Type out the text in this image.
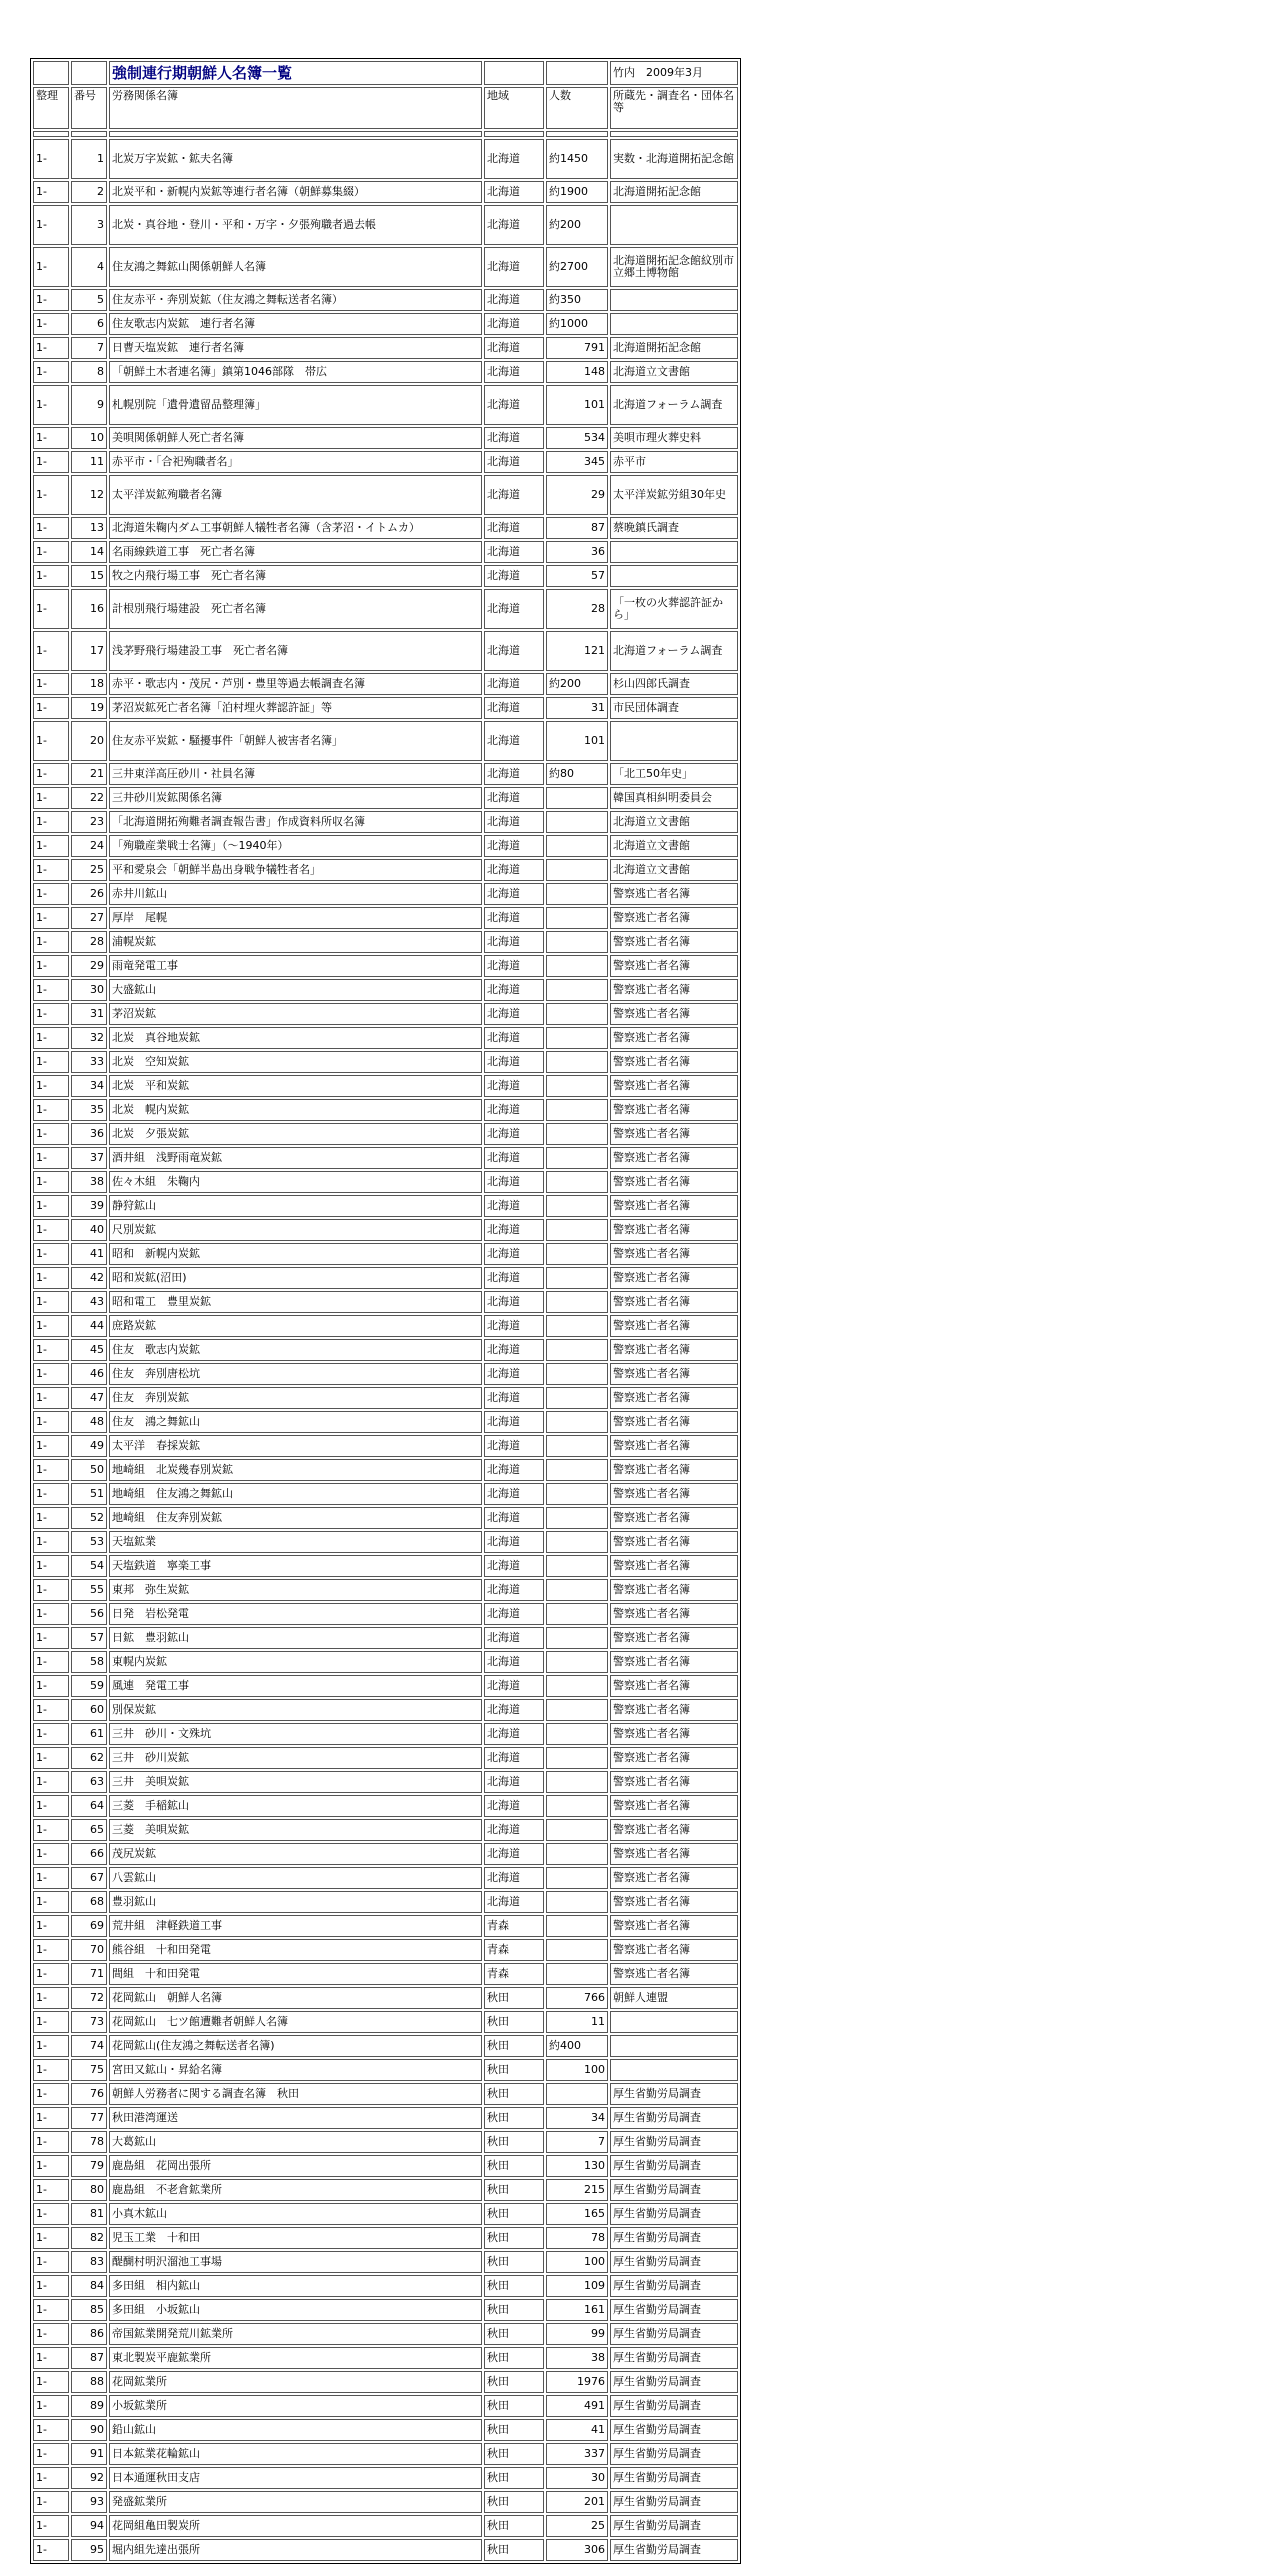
		強制連行期朝鮮人名簿一覧			竹内　2009年3月
整理	番号	労務関係名簿	地域	人数	所蔵先・調査名・団体名等

1-	1	北炭万字炭鉱・鉱夫名簿	北海道	約1450	実数・北海道開拓記念館
1-	2	北炭平和・新幌内炭鉱等連行者名簿（朝鮮募集綴）	北海道	約1900	北海道開拓記念館
1-	3	北炭・真谷地・登川・平和・万字・夕張殉職者過去帳	北海道	約200	
1-	4	住友鴻之舞鉱山関係朝鮮人名簿	北海道	約2700	北海道開拓記念館紋別市立郷土博物館
1-	5	住友赤平・奔別炭鉱（住友鴻之舞転送者名簿）	北海道	約350	
1-	6	住友歌志内炭鉱　連行者名簿	北海道	約1000	
1-	7	日曹天塩炭鉱　連行者名簿	北海道	791	北海道開拓記念館
1-	8	「朝鮮土木者連名簿」鎮第1046部隊　帯広	北海道	148	北海道立文書館
1-	9	札幌別院「遺骨遺留品整理簿」	北海道	101	北海道フォーラム調査
1-	10	美唄関係朝鮮人死亡者名簿	北海道	534	美唄市理火葬史料
1-	11	赤平市・「合祀殉職者名」	北海道	345	赤平市
1-	12	太平洋炭鉱殉職者名簿	北海道	29	太平洋炭鉱労組30年史
1-	13	北海道朱鞠内ダム工事朝鮮人犠牲者名簿（含茅沼・イトムカ）	北海道	87	蔡晩鎮氏調査
1-	14	名雨線鉄道工事　死亡者名簿	北海道	36	
1-	15	牧之内飛行場工事　死亡者名簿	北海道	57	
1-	16	計根別飛行場建設　死亡者名簿	北海道	28	「一枚の火葬認許証から」
1-	17	浅茅野飛行場建設工事　死亡者名簿	北海道	121	北海道フォーラム調査
1-	18	赤平・歌志内・茂尻・芦別・豊里等過去帳調査名簿	北海道	約200	杉山四郎氏調査
1-	19	茅沼炭鉱死亡者名簿「泊村埋火葬認許証」等	北海道	31	市民団体調査
1-	20	住友赤平炭鉱・騒擾事件「朝鮮人被害者名簿」	北海道	101	
1-	21	三井東洋高圧砂川・社員名簿	北海道	約80	「北工50年史」
1-	22	三井砂川炭鉱関係名簿	北海道		韓国真相糾明委員会
1-	23	「北海道開拓殉難者調査報告書」作成資料所収名簿	北海道		北海道立文書館
1-	24	「殉職産業戦士名簿」（～1940年）	北海道		北海道立文書館
1-	25	平和愛泉会「朝鮮半島出身戦争犠牲者名」	北海道		北海道立文書館
1-	26	赤井川鉱山	北海道		警察逃亡者名簿
1-	27	厚岸　尾幌	北海道		警察逃亡者名簿
1-	28	浦幌炭鉱	北海道		警察逃亡者名簿
1-	29	雨竜発電工事	北海道		警察逃亡者名簿
1-	30	大盛鉱山	北海道		警察逃亡者名簿
1-	31	茅沼炭鉱	北海道		警察逃亡者名簿
1-	32	北炭　真谷地炭鉱	北海道		警察逃亡者名簿
1-	33	北炭　空知炭鉱	北海道		警察逃亡者名簿
1-	34	北炭　平和炭鉱	北海道		警察逃亡者名簿
1-	35	北炭　幌内炭鉱	北海道		警察逃亡者名簿
1-	36	北炭　夕張炭鉱	北海道		警察逃亡者名簿
1-	37	酒井組　浅野雨竜炭鉱	北海道		警察逃亡者名簿
1-	38	佐々木組　朱鞠内	北海道		警察逃亡者名簿
1-	39	静狩鉱山	北海道		警察逃亡者名簿
1-	40	尺別炭鉱	北海道		警察逃亡者名簿
1-	41	昭和　新幌内炭鉱	北海道		警察逃亡者名簿
1-	42	昭和炭鉱(沼田)	北海道		警察逃亡者名簿
1-	43	昭和電工　豊里炭鉱	北海道		警察逃亡者名簿
1-	44	庶路炭鉱	北海道		警察逃亡者名簿
1-	45	住友　歌志内炭鉱	北海道		警察逃亡者名簿
1-	46	住友　奔別唐松坑	北海道		警察逃亡者名簿
1-	47	住友　奔別炭鉱	北海道		警察逃亡者名簿
1-	48	住友　鴻之舞鉱山	北海道		警察逃亡者名簿
1-	49	太平洋　春採炭鉱	北海道		警察逃亡者名簿
1-	50	地崎組　北炭幾春別炭鉱	北海道		警察逃亡者名簿
1-	51	地崎組　住友鴻之舞鉱山	北海道		警察逃亡者名簿
1-	52	地崎組　住友奔別炭鉱	北海道		警察逃亡者名簿
1-	53	天塩鉱業	北海道		警察逃亡者名簿
1-	54	天塩鉄道　寧楽工事	北海道		警察逃亡者名簿
1-	55	東邦　弥生炭鉱	北海道		警察逃亡者名簿
1-	56	日発　岩松発電	北海道		警察逃亡者名簿
1-	57	日鉱　豊羽鉱山	北海道		警察逃亡者名簿
1-	58	東幌内炭鉱	北海道		警察逃亡者名簿
1-	59	風連　発電工事	北海道		警察逃亡者名簿
1-	60	別保炭鉱	北海道		警察逃亡者名簿
1-	61	三井　砂川・文殊坑	北海道		警察逃亡者名簿
1-	62	三井　砂川炭鉱	北海道		警察逃亡者名簿
1-	63	三井　美唄炭鉱	北海道		警察逃亡者名簿
1-	64	三菱　手稲鉱山	北海道		警察逃亡者名簿
1-	65	三菱　美唄炭鉱	北海道		警察逃亡者名簿
1-	66	茂尻炭鉱	北海道		警察逃亡者名簿
1-	67	八雲鉱山	北海道		警察逃亡者名簿
1-	68	豊羽鉱山	北海道		警察逃亡者名簿
1-	69	荒井組　津軽鉄道工事	青森		警察逃亡者名簿
1-	70	熊谷組　十和田発電	青森		警察逃亡者名簿
1-	71	間組　十和田発電	青森		警察逃亡者名簿
1-	72	花岡鉱山　朝鮮人名簿	秋田	766	朝鮮人連盟
1-	73	花岡鉱山　七ツ館遭難者朝鮮人名簿	秋田	11	
1-	74	花岡鉱山(住友鴻之舞転送者名簿)	秋田	約400	
1-	75	宮田又鉱山・昇給名簿	秋田	100	
1-	76	朝鮮人労務者に関する調査名簿　秋田	秋田		厚生省勤労局調査
1-	77	秋田港湾運送	秋田	34	厚生省勤労局調査
1-	78	大葛鉱山	秋田	7	厚生省勤労局調査
1-	79	鹿島組　花岡出張所	秋田	130	厚生省勤労局調査
1-	80	鹿島組　不老倉鉱業所	秋田	215	厚生省勤労局調査
1-	81	小真木鉱山	秋田	165	厚生省勤労局調査
1-	82	児玉工業　十和田	秋田	78	厚生省勤労局調査
1-	83	醍醐村明沢溜池工事場	秋田	100	厚生省勤労局調査
1-	84	多田組　相内鉱山	秋田	109	厚生省勤労局調査
1-	85	多田組　小坂鉱山	秋田	161	厚生省勤労局調査
1-	86	帝国鉱業開発荒川鉱業所	秋田	99	厚生省勤労局調査
1-	87	東北製炭平鹿鉱業所	秋田	38	厚生省勤労局調査
1-	88	花岡鉱業所	秋田	1976	厚生省勤労局調査
1-	89	小坂鉱業所	秋田	491	厚生省勤労局調査
1-	90	鉛山鉱山	秋田	41	厚生省勤労局調査
1-	91	日本鉱業花輪鉱山	秋田	337	厚生省勤労局調査
1-	92	日本通運秋田支店	秋田	30	厚生省勤労局調査
1-	93	発盛鉱業所	秋田	201	厚生省勤労局調査
1-	94	花岡組亀田製炭所	秋田	25	厚生省勤労局調査
1-	95	堀内組先達出張所	秋田	306	厚生省勤労局調査
